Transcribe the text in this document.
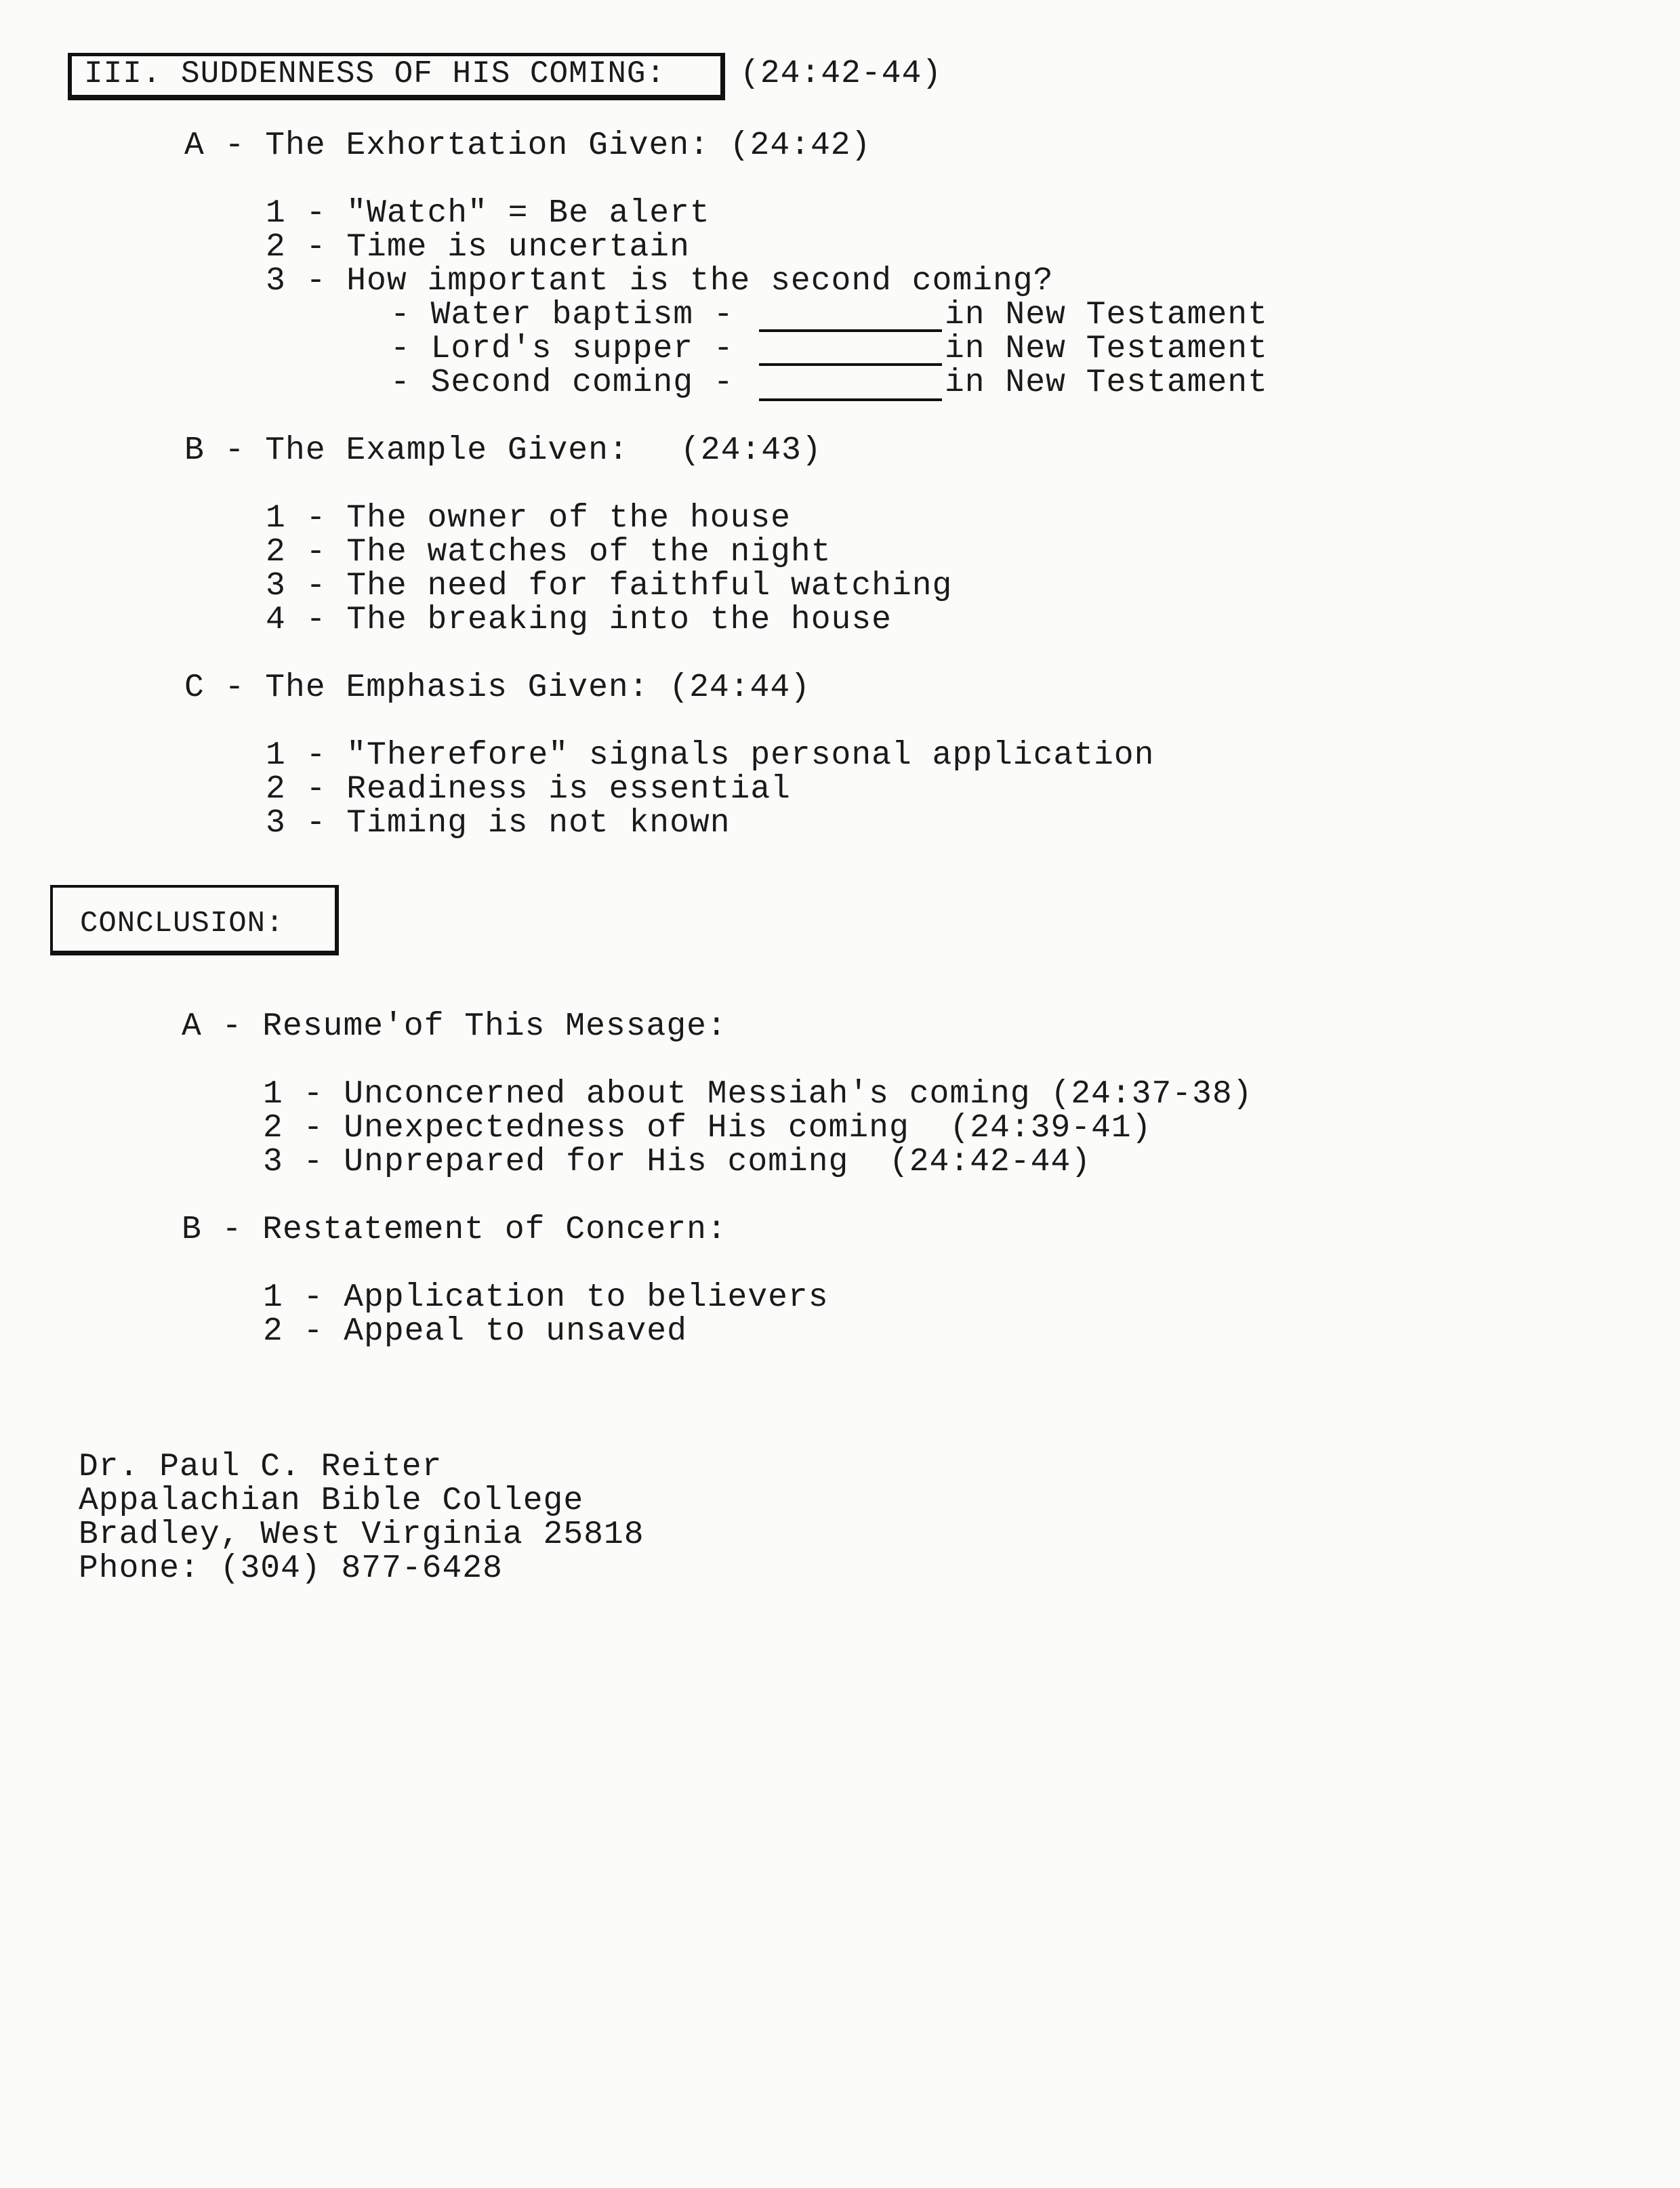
III. SUDDENNESS OF HIS COMING: (24:42-44)
A - The Exhortation Given: (24:42)
1 - "Watch" = Be alert
2 - Time is uncertain
3 - How important is the second coming?
- Water baptism -	in New Testament
- Lord's supper -	in New Testament
- Second coming -	in New Testament
B - The Example Given: (24:43)
1 - The owner of the house
2 - The watches of the night
3 - The need for faithful watching
4 - The breaking into the house
C - The Emphasis Given: (24:44)
1 - "Therefore" signals personal application
2 - Readiness is essential
3 - Timing is not known
CONCLUSION:
A - Resume'of This Message:
1 - Unconcerned about Messiah's coming (24:37-38)
2 - Unexpectedness of His coming  (24:39-41)
3 - Unprepared for His coming  (24:42-44)
B - Restatement of Concern:
1 - Application to believers
2 - Appeal to unsaved
Dr. Paul C. Reiter
Appalachian Bible College
Bradley, West Virginia 25818
Phone: (304) 877-6428
